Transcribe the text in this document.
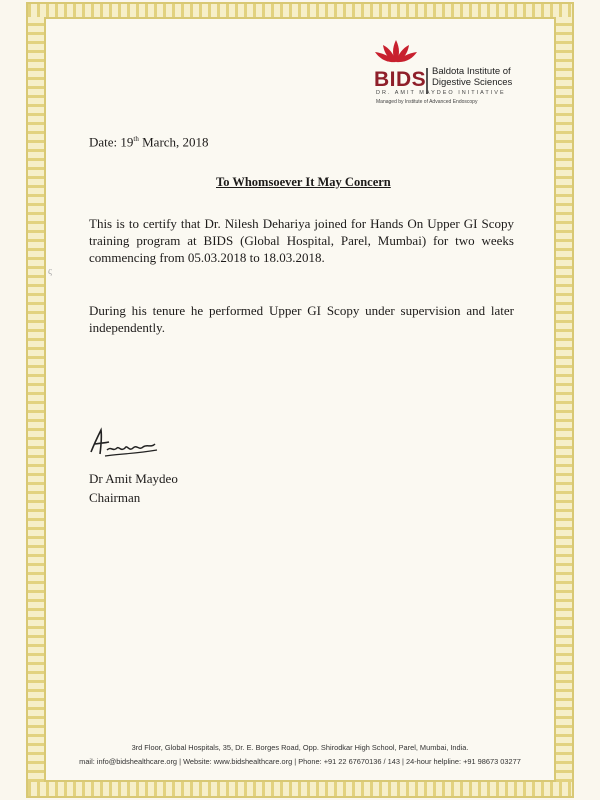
BIDS Baldota Institute of
Digestive Sciences
DR. AMIT MAYDEO INITIATIVE
Managed by Institute of Advanced Endoscopy
Date: 19th March, 2018
To Whomsoever It May Concern
This is to certify that Dr. Nilesh Dehariya joined for Hands On Upper GI Scopy training program at BIDS (Global Hospital, Parel, Mumbai) for two weeks commencing from 05.03.2018 to 18.03.2018.
ς
During his tenure he performed Upper GI Scopy under supervision and later independently.
Dr Amit Maydeo
Chairman
3rd Floor, Global Hospitals, 35, Dr. E. Borges Road, Opp. Shirodkar High School, Parel, Mumbai, India.
mail: info@bidshealthcare.org | Website: www.bidshealthcare.org | Phone: +91 22 67670136 / 143 | 24-hour helpline: +91 98673 03277
